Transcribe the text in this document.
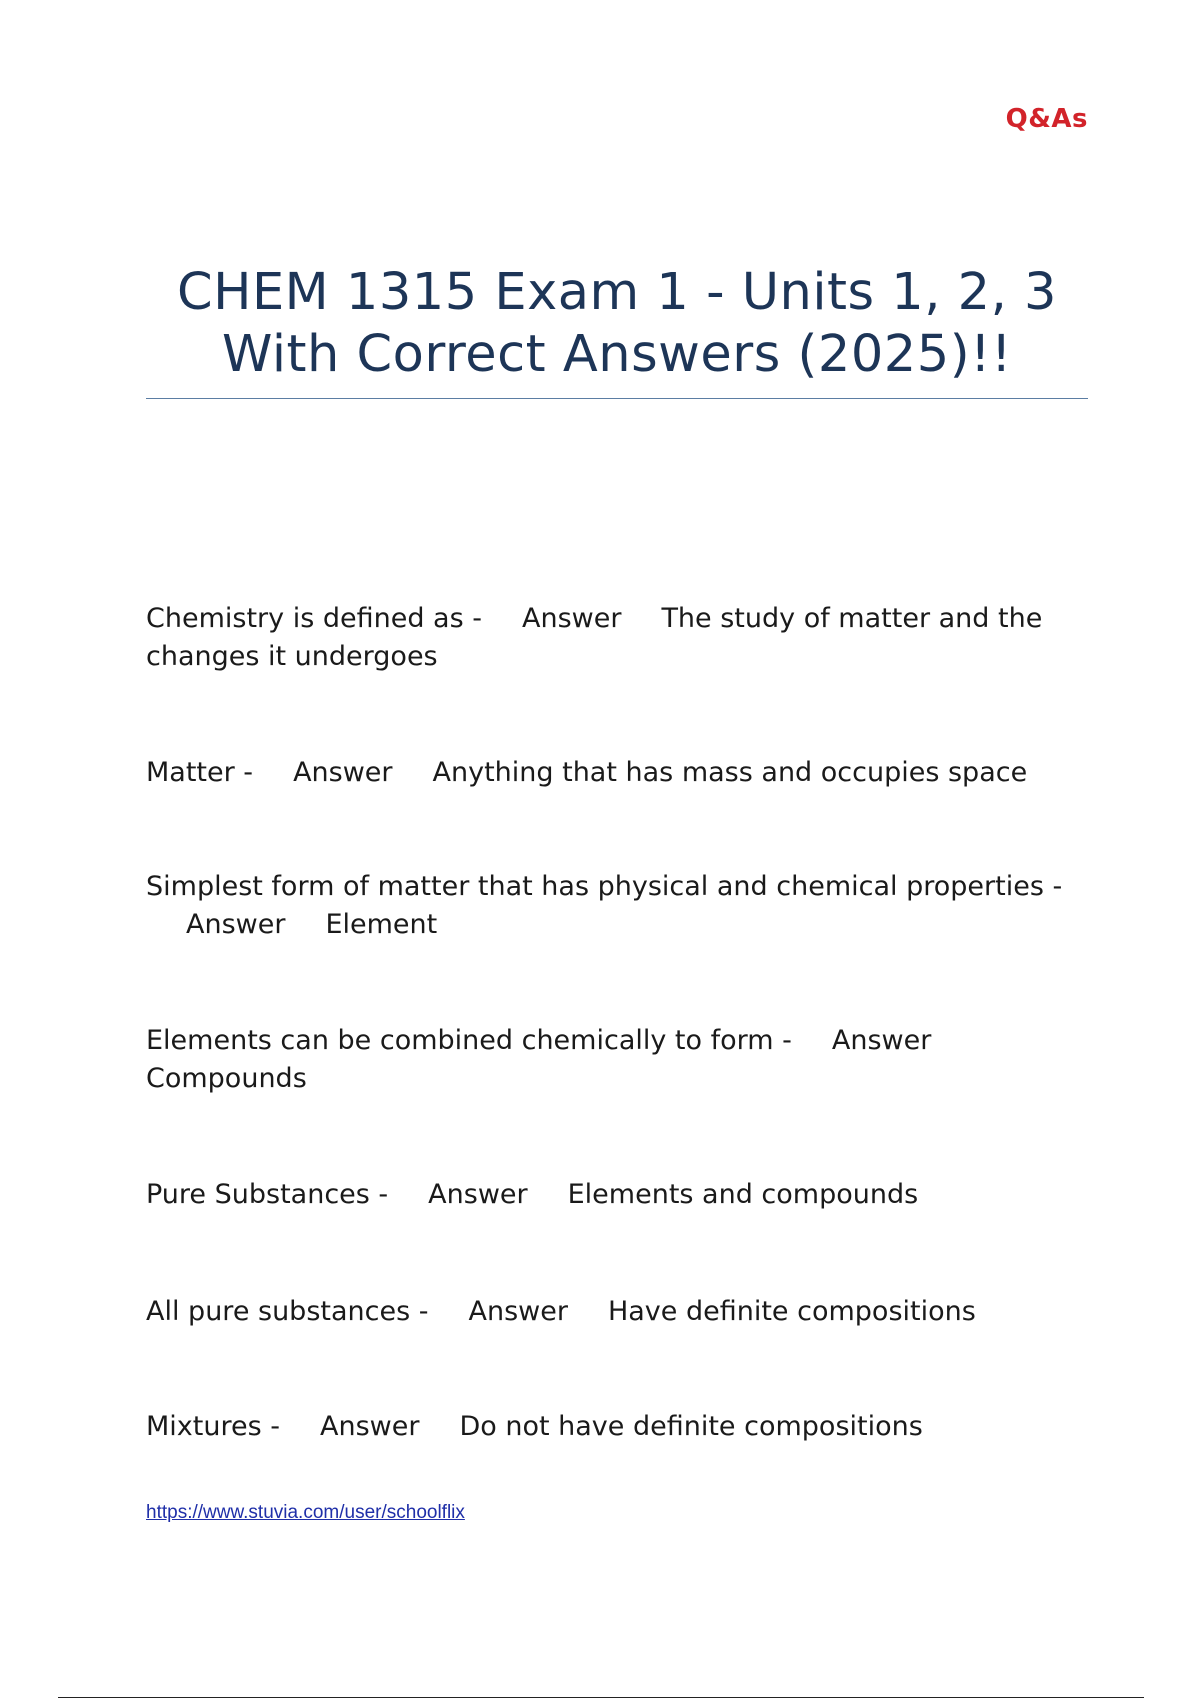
Q&As
CHEM 1315 Exam 1 - Units 1, 2, 3
With Correct Answers (2025)!!
Chemistry is defined as - Answer The study of matter and the changes it undergoes
Matter - Answer Anything that has mass and occupies space
Simplest form of matter that has physical and chemical properties -Answer Element
Elements can be combined chemically to form - AnswerCompounds
Pure Substances - Answer Elements and compounds
All pure substances - Answer Have definite compositions
Mixtures - Answer Do not have definite compositions
https://www.stuvia.com/user/schoolflix
